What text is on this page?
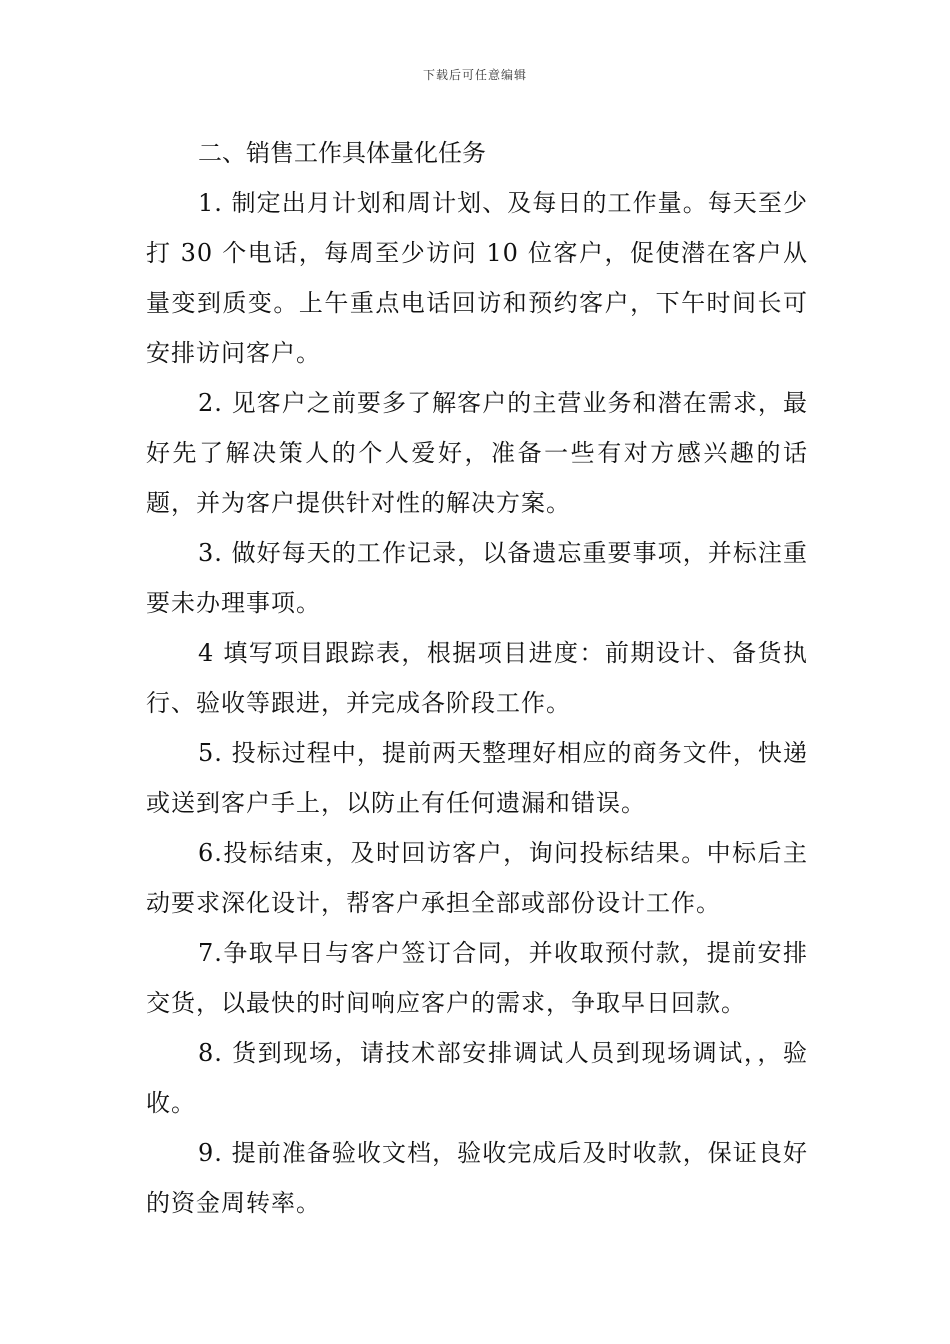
下载后可任意编辑
二、销售工作具体量化任务

1. 制定出月计划和周计划、及每日的工作量。每天至少打 30 个电话，每周至少访问 10 位客户，促使潜在客户从量变到质变。上午重点电话回访和预约客户，下午时间长可安排访问客户。

2. 见客户之前要多了解客户的主营业务和潜在需求，最好先了解决策人的个人爱好，准备一些有对方感兴趣的话题，并为客户提供针对性的解决方案。

3. 做好每天的工作记录，以备遗忘重要事项，并标注重要未办理事项。

4 填写项目跟踪表，根据项目进度：前期设计、备货执行、验收等跟进，并完成各阶段工作。

5. 投标过程中，提前两天整理好相应的商务文件，快递或送到客户手上，以防止有任何遗漏和错误。

6.投标结束，及时回访客户，询问投标结果。中标后主动要求深化设计，帮客户承担全部或部份设计工作。

7.争取早日与客户签订合同，并收取预付款，提前安排交货，以最快的时间响应客户的需求，争取早日回款。

8. 货到现场，请技术部安排调试人员到现场调试，，验收。

9. 提前准备验收文档，验收完成后及时收款，保证良好的资金周转率。
